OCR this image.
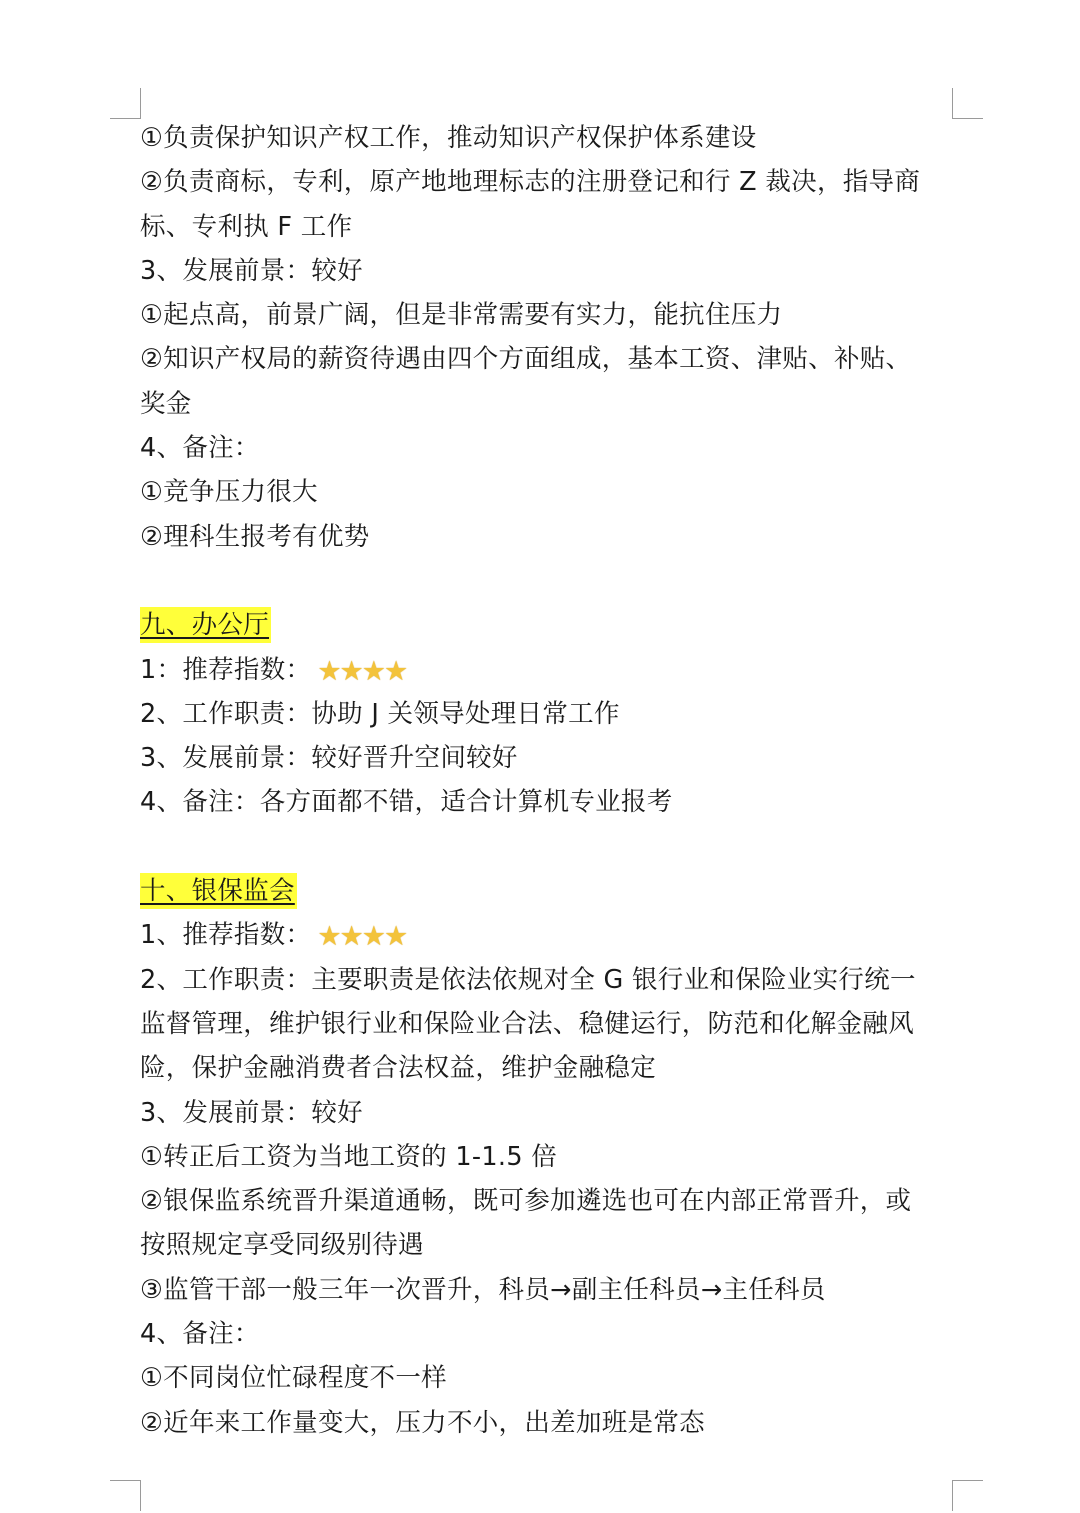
①负责保护知识产权工作，推动知识产权保护体系建设
②负责商标，专利，原产地地理标志的注册登记和行 Z 裁决，指导商
标、专利执 F 工作
3、发展前景：较好
①起点高，前景广阔，但是非常需要有实力，能抗住压力
②知识产权局的薪资待遇由四个方面组成，基本工资、津贴、补贴、
奖金
4、备注：
①竞争压力很大
②理科生报考有优势
九、办公厅
1：推荐指数： ★★★★
2、工作职责：协助 J 关领导处理日常工作
3、发展前景：较好晋升空间较好
4、备注：各方面都不错，适合计算机专业报考
十、银保监会
1、推荐指数： ★★★★
2、工作职责：主要职责是依法依规对全 G 银行业和保险业实行统一
监督管理，维护银行业和保险业合法、稳健运行，防范和化解金融风
险，保护金融消费者合法权益，维护金融稳定
3、发展前景：较好
①转正后工资为当地工资的 1-1.5 倍
②银保监系统晋升渠道通畅，既可参加遴选也可在内部正常晋升，或
按照规定享受同级别待遇
③监管干部一般三年一次晋升，科员→副主任科员→主任科员
4、备注：
①不同岗位忙碌程度不一样
②近年来工作量变大，压力不小，出差加班是常态
